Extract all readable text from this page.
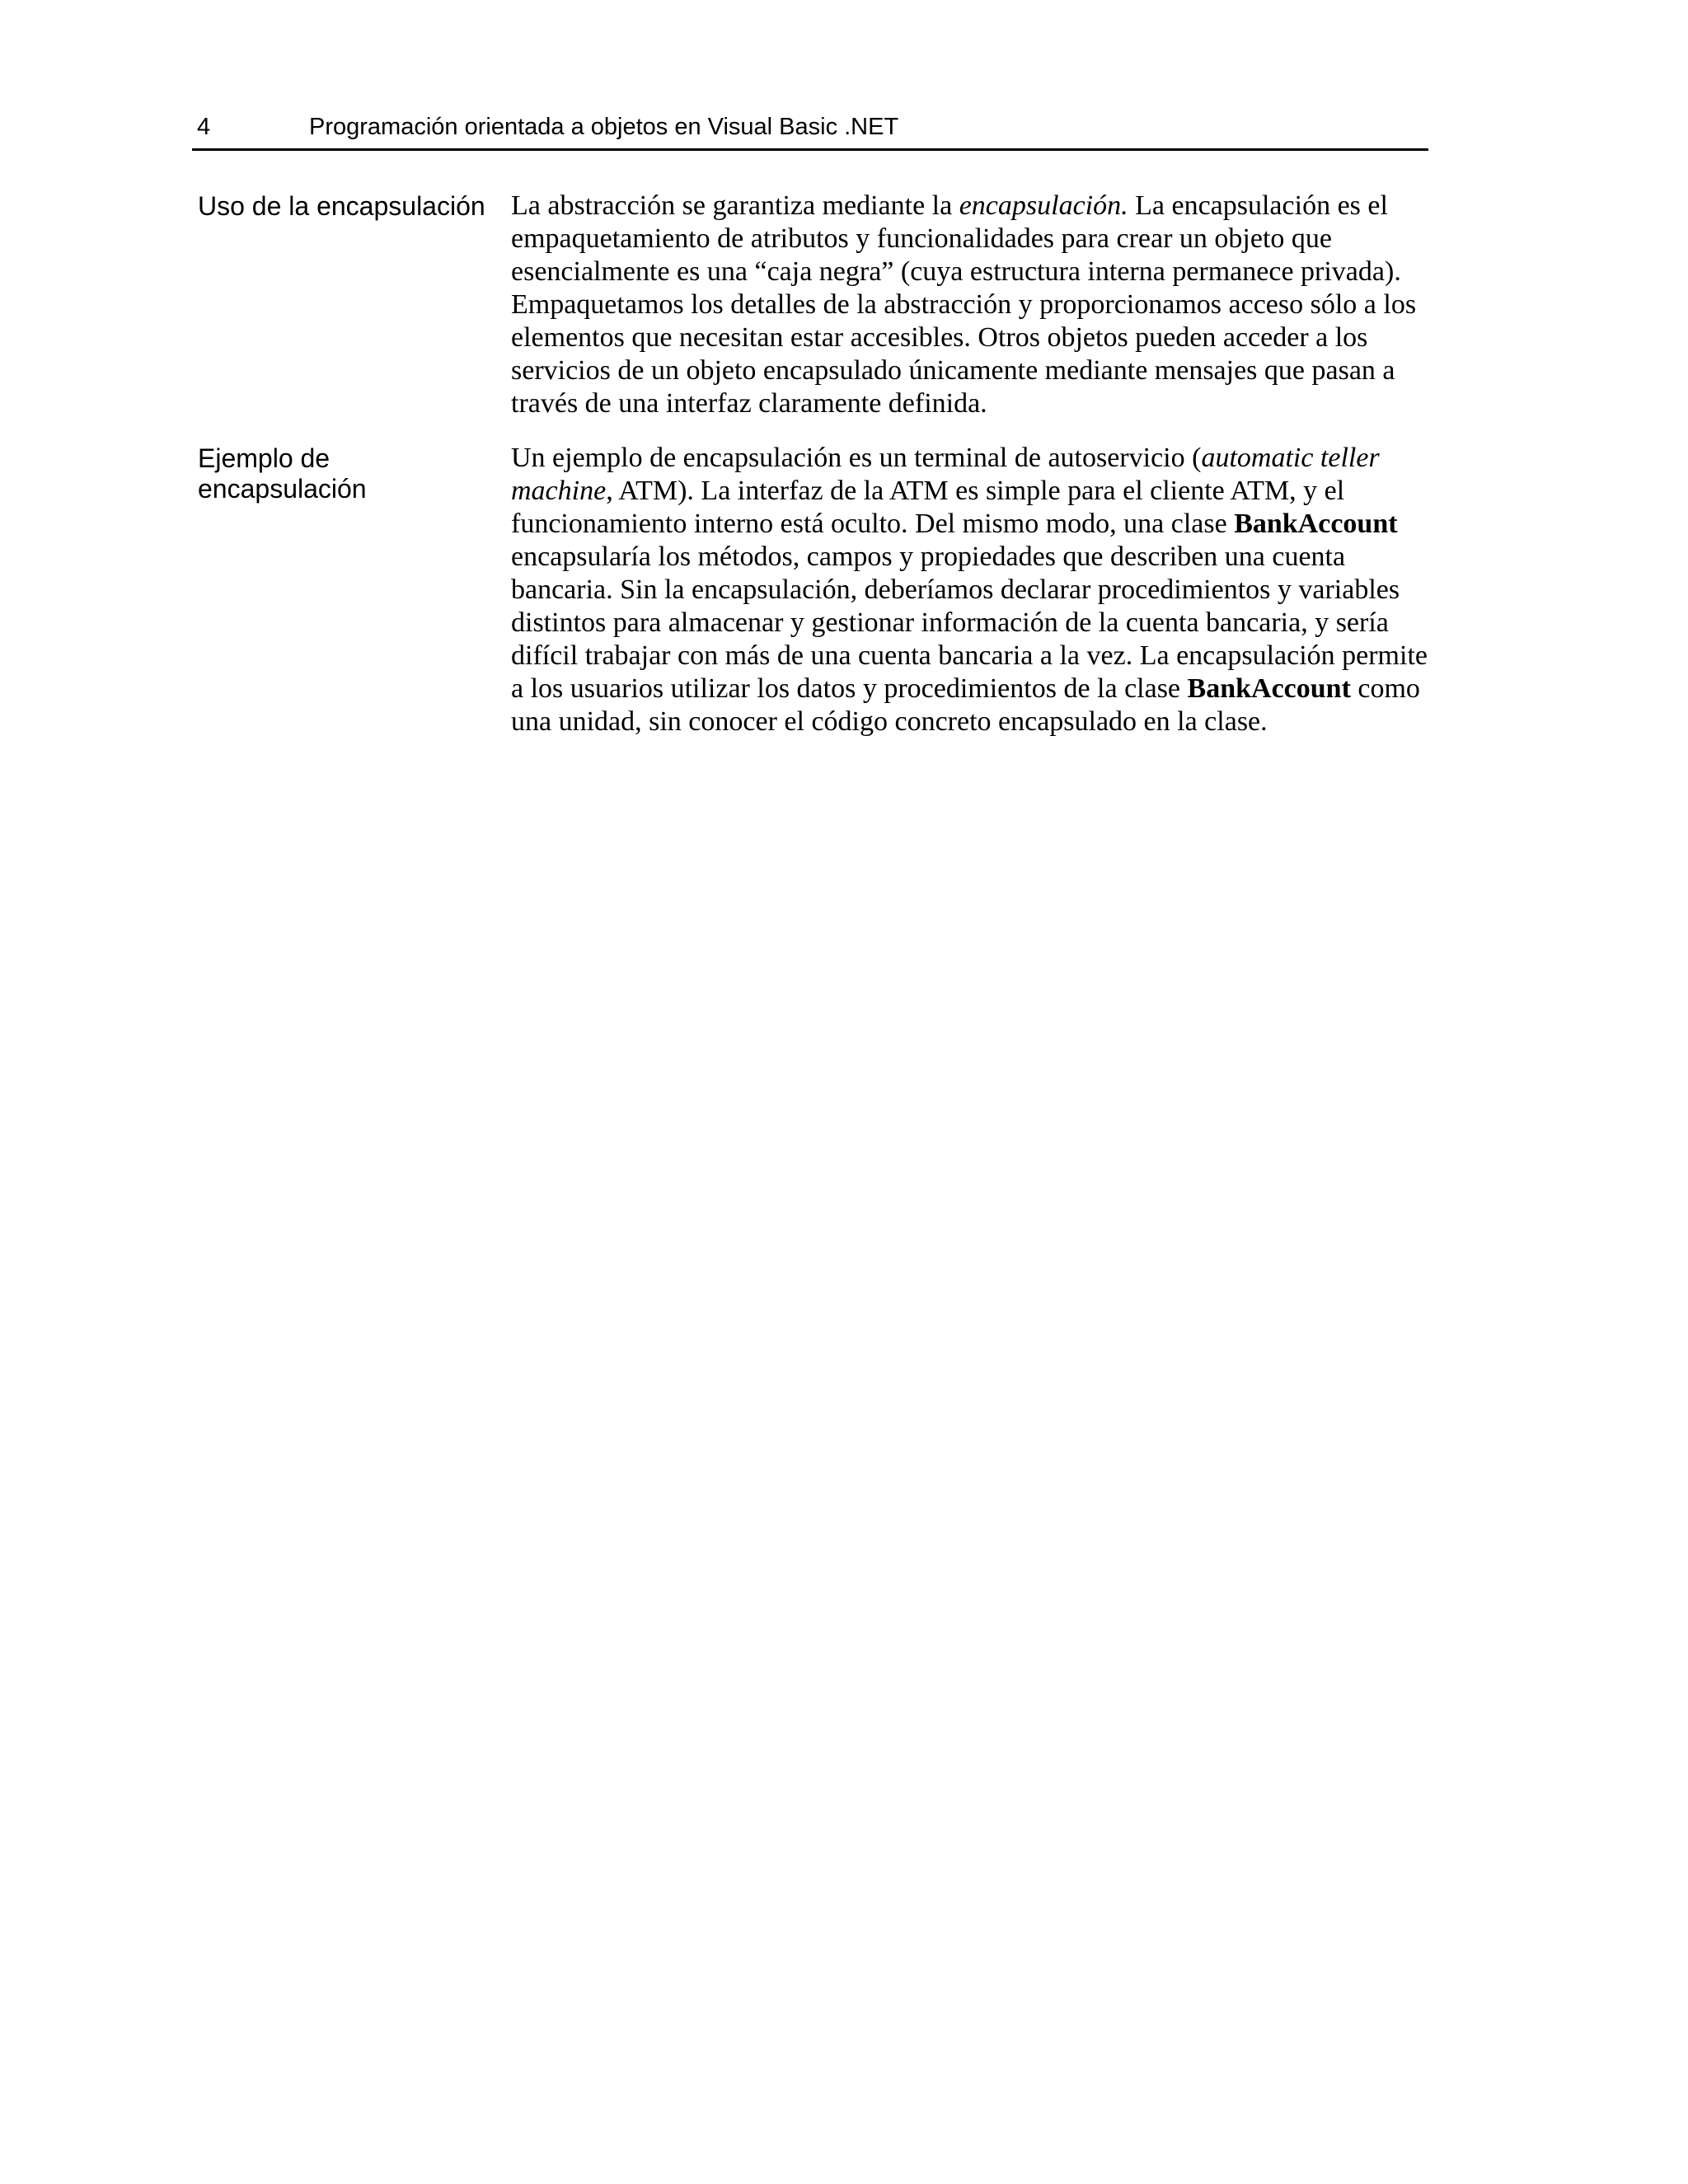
4	Programación orientada a objetos en Visual Basic .NET
Uso de la encapsulación La abstracción se garantiza mediante la encapsulación. La encapsulación es el empaquetamiento de atributos y funcionalidades para crear un objeto que esencialmente es una “caja negra” (cuya estructura interna permanece privada). Empaquetamos los detalles de la abstracción y proporcionamos acceso sólo a los elementos que necesitan estar accesibles. Otros objetos pueden acceder a los servicios de un objeto encapsulado únicamente mediante mensajes que pasan a través de una interfaz claramente definida.

Ejemplo de encapsulación

Un ejemplo de encapsulación es un terminal de autoservicio (automatic teller machine, ATM). La interfaz de la ATM es simple para el cliente ATM, y el funcionamiento interno está oculto. Del mismo modo, una clase BankAccount encapsularía los métodos, campos y propiedades que describen una cuenta bancaria. Sin la encapsulación, deberíamos declarar procedimientos y variables distintos para almacenar y gestionar información de la cuenta bancaria, y sería difícil trabajar con más de una cuenta bancaria a la vez. La encapsulación permite a los usuarios utilizar los datos y procedimientos de la clase BankAccount como una unidad, sin conocer el código concreto encapsulado en la clase.
